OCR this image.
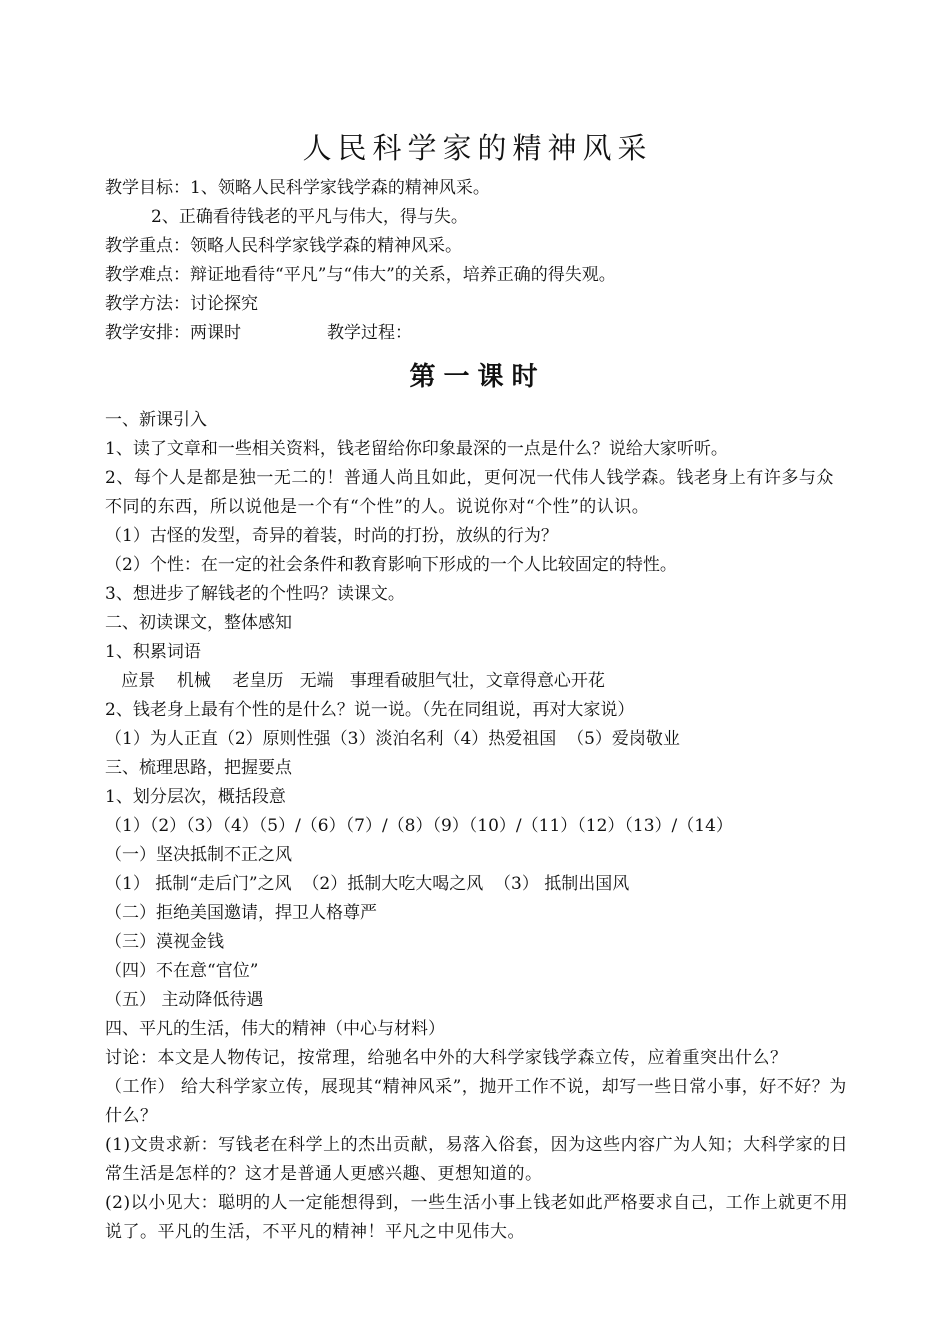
人民科学家的精神风采
教学目标：1、领略人民科学家钱学森的精神风采。
2、正确看待钱老的平凡与伟大，得与失。
教学重点：领略人民科学家钱学森的精神风采。
教学难点：辩证地看待“平凡”与“伟大”的关系，培养正确的得失观。
教学方法：讨论探究
教学安排：两课时	教学过程：
第一课时
一、新课引入
1、读了文章和一些相关资料，钱老留给你印象最深的一点是什么？说给大家听听。
2、每个人是都是独一无二的！普通人尚且如此，更何况一代伟人钱学森。钱老身上有许多与众不同的东西，所以说他是一个有“个性”的人。说说你对“个性”的认识。
（1）古怪的发型，奇异的着装，时尚的打扮，放纵的行为？
（2）个性：在一定的社会条件和教育影响下形成的一个人比较固定的特性。
3、想进步了解钱老的个性吗？读课文。
二、初读课文，整体感知
1、积累词语
应景    机械    老皇历   无端   事理看破胆气壮，文章得意心开花
2、钱老身上最有个性的是什么？说一说。（先在同组说，再对大家说）
（1）为人正直（2）原则性强（3）淡泊名利（4）热爱祖国  （5）爱岗敬业
三、梳理思路，把握要点
1、划分层次，概括段意
（1）（2）（3）（4）（5）/（6）（7）/（8）（9）（10）/（11）（12）（13）/（14）
（一）坚决抵制不正之风
（1） 抵制“走后门”之风  （2）抵制大吃大喝之风  （3） 抵制出国风
（二）拒绝美国邀请，捍卫人格尊严
（三）漠视金钱
（四）不在意“官位”
（五） 主动降低待遇
四、平凡的生活，伟大的精神（中心与材料）
讨论：本文是人物传记，按常理，给驰名中外的大科学家钱学森立传，应着重突出什么？
（工作） 给大科学家立传，展现其“精神风采”，抛开工作不说，却写一些日常小事，好不好？为什么？
(1)文贵求新：写钱老在科学上的杰出贡献，易落入俗套，因为这些内容广为人知；大科学家的日常生活是怎样的？这才是普通人更感兴趣、更想知道的。
(2)以小见大：聪明的人一定能想得到，一些生活小事上钱老如此严格要求自己，工作上就更不用说了。平凡的生活，不平凡的精神！平凡之中见伟大。
